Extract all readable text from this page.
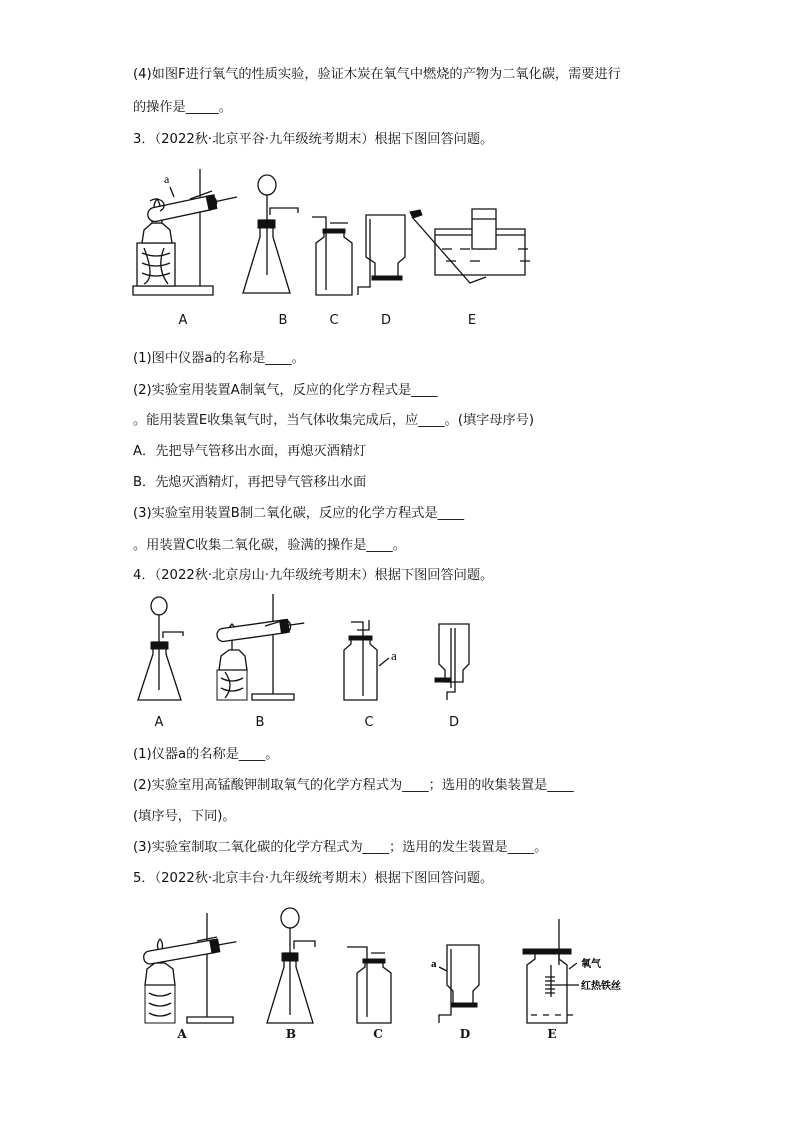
(4)如图F进行氧气的性质实验，验证木炭在氧气中燃烧的产物为二氧化碳，需要进行
的操作是_____。
3．（2022秋·北京平谷·九年级统考期末）根据下图回答问题。
a
A	B	C	D	E
(1)图中仪器a的名称是____。
(2)实验室用装置A制氧气，反应的化学方程式是____
。能用装置E收集氧气时，当气体收集完成后，应____。(填字母序号)
A．先把导气管移出水面，再熄灭酒精灯
B．先熄灭酒精灯，再把导气管移出水面
(3)实验室用装置B制二氧化碳，反应的化学方程式是____
。用装置C收集二氧化碳，验满的操作是____。
4．（2022秋·北京房山·九年级统考期末）根据下图回答问题。
a
A	B	C	D
(1)仪器a的名称是____。
(2)实验室用高锰酸钾制取氧气的化学方程式为____；选用的收集装置是____
(填序号，下同)。
(3)实验室制取二氧化碳的化学方程式为____；选用的发生装置是____。
5．（2022秋·北京丰台·九年级统考期末）根据下图回答问题。
a	氧气
红热铁丝
A	B	C	D	E
